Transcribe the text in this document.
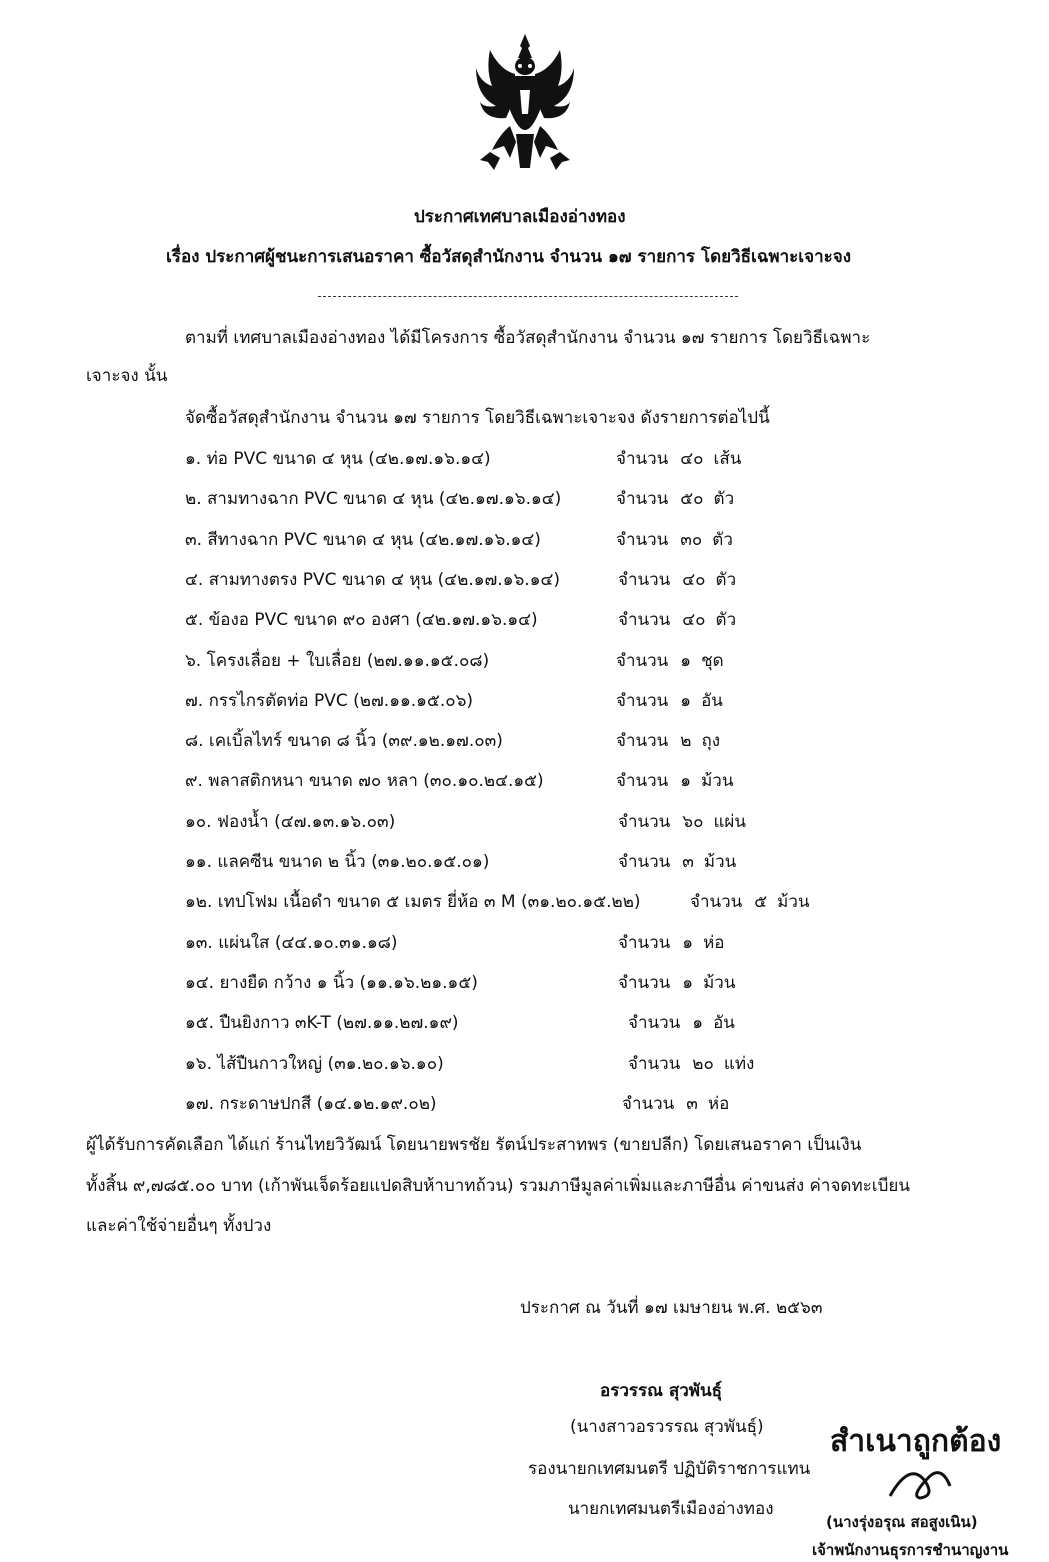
ประกาศเทศบาลเมืองอ่างทอง
เรื่อง ประกาศผู้ชนะการเสนอราคา ซื้อวัสดุสำนักงาน จำนวน ๑๗ รายการ โดยวิธีเฉพาะเจาะจง
ตามที่ เทศบาลเมืองอ่างทอง ได้มีโครงการ ซื้อวัสดุสำนักงาน จำนวน ๑๗ รายการ โดยวิธีเฉพาะ
เจาะจง นั้น
จัดซื้อวัสดุสำนักงาน จำนวน ๑๗ รายการ โดยวิธีเฉพาะเจาะจง ดังรายการต่อไปนี้
๑. ท่อ PVC ขนาด ๔ หุน (๔๒.๑๗.๑๖.๑๔)	จำนวน ๔๐ เส้น
๒. สามทางฉาก PVC ขนาด ๔ หุน (๔๒.๑๗.๑๖.๑๔)	จำนวน ๕๐ ตัว
๓. สีทางฉาก PVC ขนาด ๔ หุน (๔๒.๑๗.๑๖.๑๔)	จำนวน ๓๐ ตัว
๔. สามทางตรง PVC ขนาด ๔ หุน (๔๒.๑๗.๑๖.๑๔)	จำนวน ๔๐ ตัว
๕. ข้องอ PVC ขนาด ๙๐ องศา (๔๒.๑๗.๑๖.๑๔)	จำนวน ๔๐ ตัว
๖. โครงเลื่อย + ใบเลื่อย (๒๗.๑๑.๑๕.๐๘)	จำนวน ๑ ชุด
๗. กรรไกรตัดท่อ PVC (๒๗.๑๑.๑๕.๐๖)	จำนวน ๑ อัน
๘. เคเบิ้ลไทร์ ขนาด ๘ นิ้ว (๓๙.๑๒.๑๗.๐๓)	จำนวน ๒ ถุง
๙. พลาสติกหนา ขนาด ๗๐ หลา (๓๐.๑๐.๒๔.๑๕)	จำนวน ๑ ม้วน
๑๐. ฟองน้ำ (๔๗.๑๓.๑๖.๐๓)	จำนวน ๖๐ แผ่น
๑๑. แลคซีน ขนาด ๒ นิ้ว (๓๑.๒๐.๑๕.๐๑)	จำนวน ๓ ม้วน
๑๒. เทปโฟม เนื้อดำ ขนาด ๕ เมตร ยี่ห้อ ๓ M (๓๑.๒๐.๑๕.๒๒)	จำนวน ๕ ม้วน
๑๓. แผ่นใส (๔๔.๑๐.๓๑.๑๘)	จำนวน ๑ ห่อ
๑๔. ยางยืด กว้าง ๑ นิ้ว (๑๑.๑๖.๒๑.๑๕)	จำนวน ๑ ม้วน
๑๕. ปืนยิงกาว ๓K-T (๒๗.๑๑.๒๗.๑๙)	จำนวน ๑ อัน
๑๖. ไส้ปืนกาวใหญ่ (๓๑.๒๐.๑๖.๑๐)	จำนวน ๒๐ แท่ง
๑๗. กระดาษปกสี (๑๔.๑๒.๑๙.๐๒)	จำนวน ๓ ห่อ
ผู้ได้รับการคัดเลือก ได้แก่ ร้านไทยวิวัฒน์ โดยนายพรชัย รัตน์ประสาทพร (ขายปลีก) โดยเสนอราคา เป็นเงิน
ทั้งสิ้น ๙,๗๘๕.๐๐ บาท (เก้าพันเจ็ดร้อยแปดสิบห้าบาทถ้วน) รวมภาษีมูลค่าเพิ่มและภาษีอื่น ค่าขนส่ง ค่าจดทะเบียน
และค่าใช้จ่ายอื่นๆ ทั้งปวง
ประกาศ ณ วันที่ ๑๗ เมษายน พ.ศ. ๒๕๖๓
อรวรรณ สุวพันธุ์
(นางสาวอรวรรณ สุวพันธุ์)
รองนายกเทศมนตรี ปฏิบัติราชการแทน
นายกเทศมนตรีเมืองอ่างทอง
สำเนาถูกต้อง
(นางรุ่งอรุณ สอสูงเนิน)
เจ้าพนักงานธุรการชำนาญงาน
